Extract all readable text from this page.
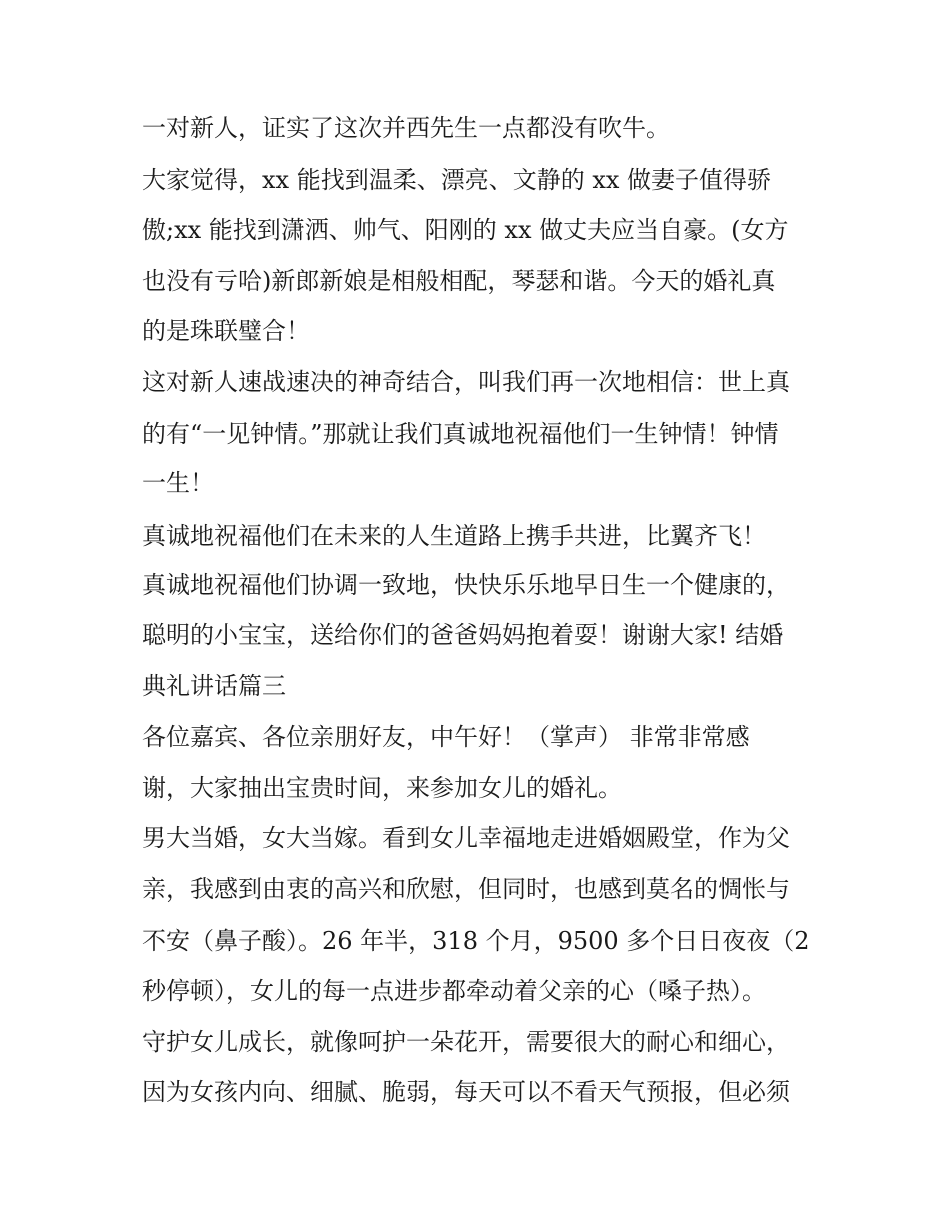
一对新人，证实了这次并西先生一点都没有吹牛。
大家觉得，xx 能找到温柔、漂亮、文静的 xx 做妻子值得骄
傲;xx 能找到潇洒、帅气、阳刚的 xx 做丈夫应当自豪。(女方
也没有亏哈)新郎新娘是相般相配，琴瑟和谐。今天的婚礼真
的是珠联璧合！
这对新人速战速决的神奇结合，叫我们再一次地相信：世上真
的有“一见钟情。”那就让我们真诚地祝福他们一生钟情！钟情
一生！
真诚地祝福他们在未来的人生道路上携手共进，比翼齐飞！
真诚地祝福他们协调一致地，快快乐乐地早日生一个健康的，
聪明的小宝宝，送给你们的爸爸妈妈抱着耍！谢谢大家! 结婚
典礼讲话篇三
各位嘉宾、各位亲朋好友，中午好！（掌声） 非常非常感
谢，大家抽出宝贵时间，来参加女儿的婚礼。
男大当婚，女大当嫁。看到女儿幸福地走进婚姻殿堂，作为父
亲，我感到由衷的高兴和欣慰，但同时，也感到莫名的惆怅与
不安（鼻子酸）。26 年半，318 个月，9500 多个日日夜夜（2
秒停顿），女儿的每一点进步都牵动着父亲的心（嗓子热）。
守护女儿成长，就像呵护一朵花开，需要很大的耐心和细心，
因为女孩内向、细腻、脆弱，每天可以不看天气预报，但必须
